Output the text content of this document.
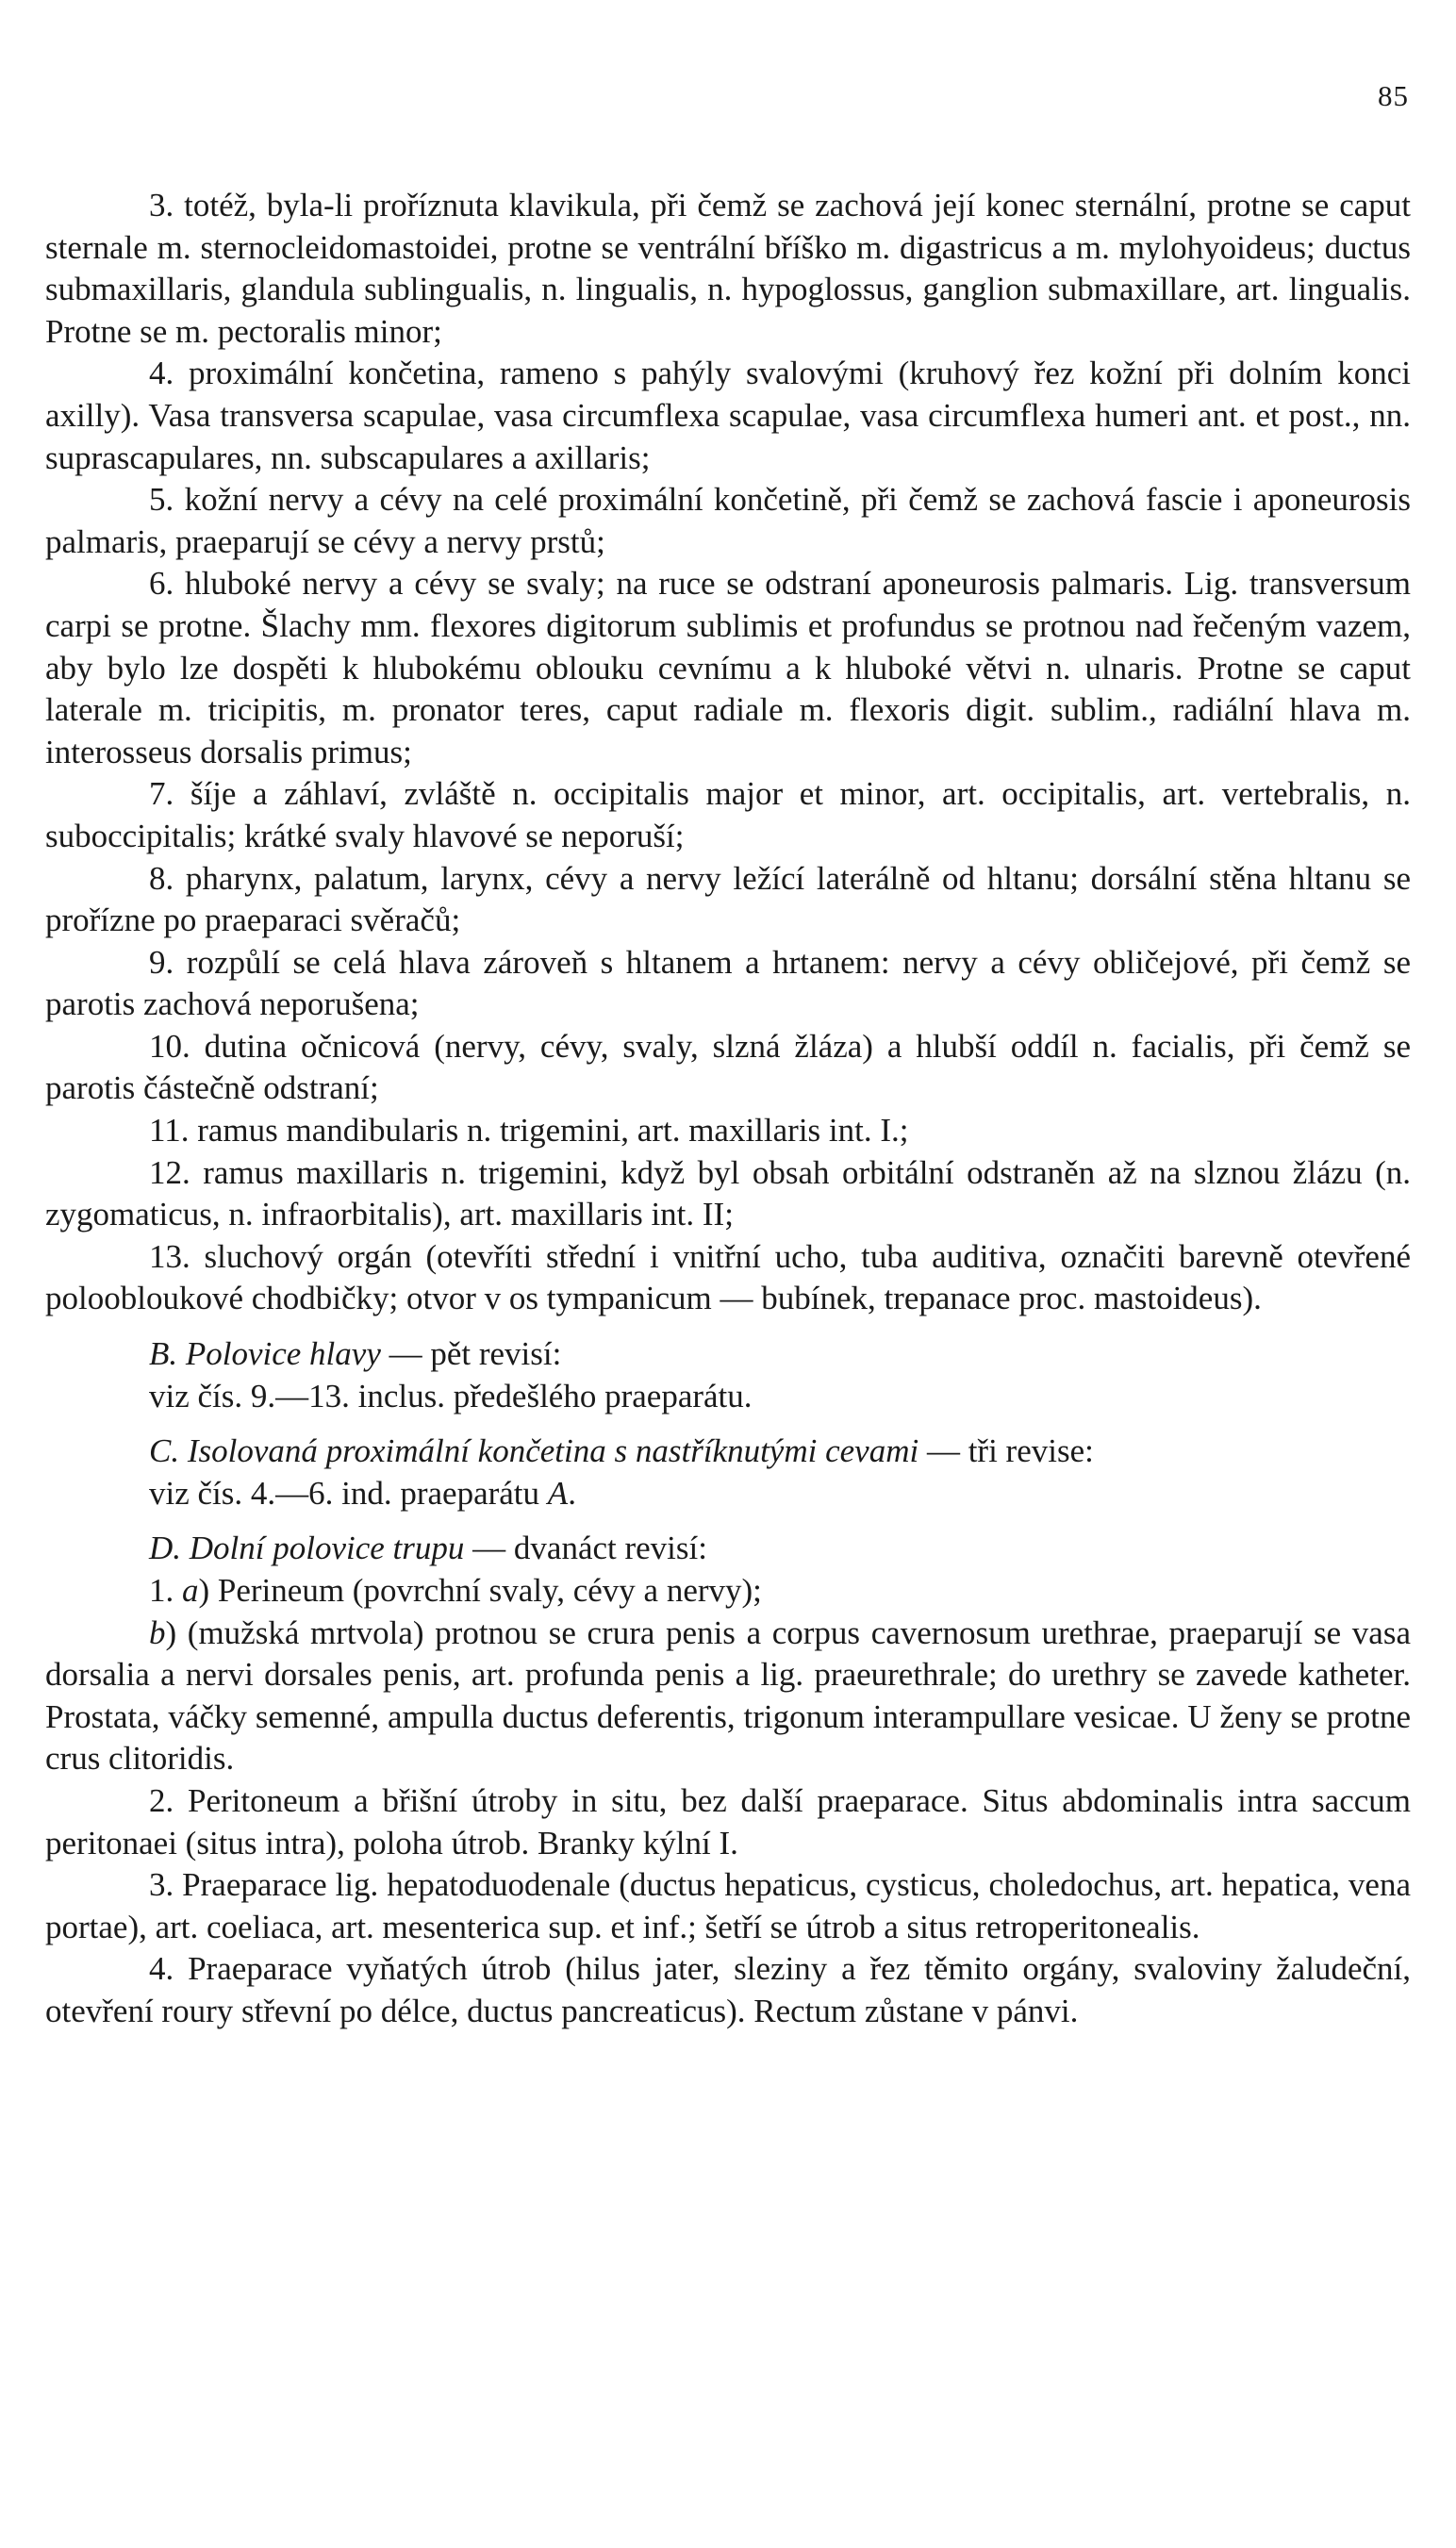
85

3. totéž, byla-li proříznuta klavikula, při čemž se zachová její konec sternální, protne se caput sternale m. sternocleidomastoidei, protne se ventrální bříško m. digastricus a m. mylohyoideus; ductus submaxillaris, glandula sublingualis, n. lingualis, n. hypoglossus, ganglion submaxillare, art. lingualis. Protne se m. pectoralis minor;

4. proximální končetina, rameno s pahýly svalovými (kruhový řez kožní při dolním konci axilly). Vasa transversa scapulae, vasa circumflexa scapulae, vasa circumflexa humeri ant. et post., nn. suprascapulares, nn. subscapulares a axillaris;

5. kožní nervy a cévy na celé proximální končetině, při čemž se zachová fascie i aponeurosis palmaris, praeparují se cévy a nervy prstů;

6. hluboké nervy a cévy se svaly; na ruce se odstraní aponeurosis palmaris. Lig. transversum carpi se protne. Šlachy mm. flexores digitorum sublimis et profundus se protnou nad řečeným vazem, aby bylo lze dospěti k hlubokému oblouku cevnímu a k hluboké větvi n. ulnaris. Protne se caput laterale m. tricipitis, m. pronator teres, caput radiale m. flexoris digit. sublim., radiální hlava m. interosseus dorsalis primus;

7. šíje a záhlaví, zvláště n. occipitalis major et minor, art. occipitalis, art. vertebralis, n. suboccipitalis; krátké svaly hlavové se neporuší;

8. pharynx, palatum, larynx, cévy a nervy ležící laterálně od hltanu; dorsální stěna hltanu se prořízne po praeparaci svěračů;

9. rozpůlí se celá hlava zároveň s hltanem a hrtanem: nervy a cévy obličejové, při čemž se parotis zachová neporušena;

10. dutina očnicová (nervy, cévy, svaly, slzná žláza) a hlubší oddíl n. facialis, při čemž se parotis částečně odstraní;

11. ramus mandibularis n. trigemini, art. maxillaris int. I.;

12. ramus maxillaris n. trigemini, když byl obsah orbitální odstraněn až na slznou žlázu (n. zygomaticus, n. infraorbitalis), art. maxillaris int. II;

13. sluchový orgán (otevříti střední i vnitřní ucho, tuba auditiva, označiti barevně otevřené poloobloukové chodbičky; otvor v os tympanicum — bubínek, trepanace proc. mastoideus).

B. Polovice hlavy — pět revisí:

viz čís. 9.—13. inclus. předešlého praeparátu.

C. Isolovaná proximální končetina s nastříknutými cevami — tři revise:

viz čís. 4.—6. ind. praeparátu A.

D. Dolní polovice trupu — dvanáct revisí:

1. a) Perineum (povrchní svaly, cévy a nervy);

b) (mužská mrtvola) protnou se crura penis a corpus cavernosum urethrae, praeparují se vasa dorsalia a nervi dorsales penis, art. profunda penis a lig. praeurethrale; do urethry se zavede katheter. Prostata, váčky semenné, ampulla ductus deferentis, trigonum interampullare vesicae. U ženy se protne crus clitoridis.

2. Peritoneum a břišní útroby in situ, bez další praeparace. Situs abdominalis intra saccum peritonaei (situs intra), poloha útrob. Branky kýlní I.

3. Praeparace lig. hepatoduodenale (ductus hepaticus, cysticus, choledochus, art. hepatica, vena portae), art. coeliaca, art. mesenterica sup. et inf.; šetří se útrob a situs retroperitonealis.

4. Praeparace vyňatých útrob (hilus jater, sleziny a řez těmito orgány, svaloviny žaludeční, otevření roury střevní po délce, ductus pancreaticus). Rectum zůstane v pánvi.
